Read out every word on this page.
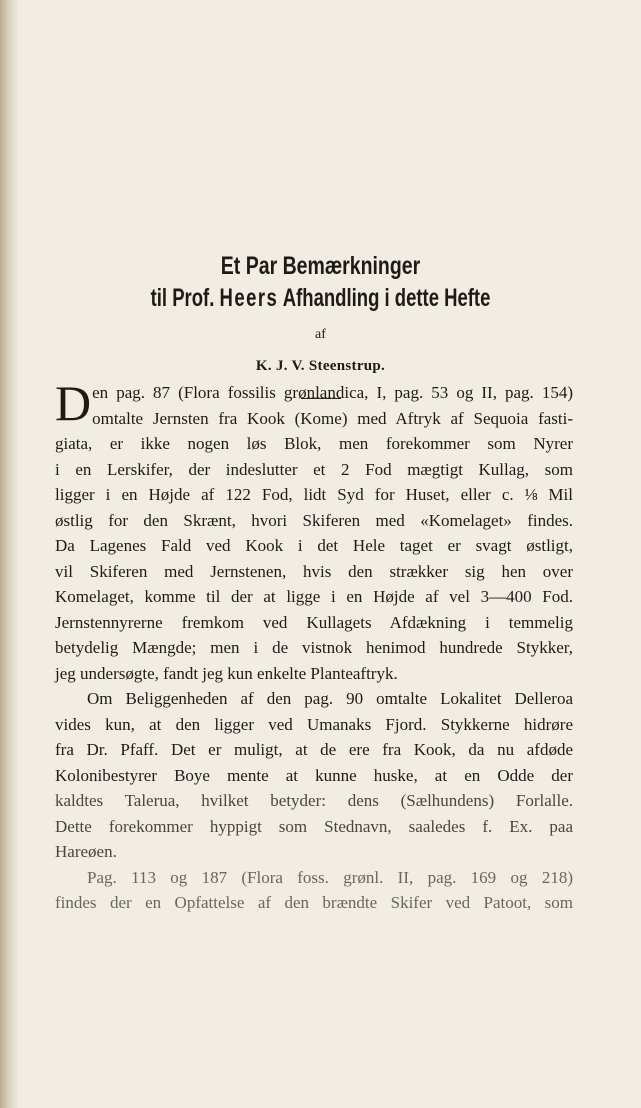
Et Par Bemærkninger
til Prof. Heers Afhandling i dette Hefte
af
K. J. V. Steenstrup.
D en pag. 87 (Flora fossilis grønlandica, I, pag. 53 og II, pag. 154)
omtalte Jernsten fra Kook (Kome) med Aftryk af Sequoia fasti-
giata, er ikke nogen løs Blok, men forekommer som Nyrer
i en Lerskifer, der indeslutter et 2 Fod mægtigt Kullag, som
ligger i en Højde af 122 Fod, lidt Syd for Huset, eller c. ⅛ Mil
østlig for den Skrænt, hvori Skiferen med «Komelaget» findes.
Da Lagenes Fald ved Kook i det Hele taget er svagt østligt,
vil Skiferen med Jernstenen, hvis den strækker sig hen over
Komelaget, komme til der at ligge i en Højde af vel 3—400 Fod.
Jernstennyrerne fremkom ved Kullagets Afdækning i temmelig
betydelig Mængde; men i de vistnok henimod hundrede Stykker,
jeg undersøgte, fandt jeg kun enkelte Planteaftryk.
Om Beliggenheden af den pag. 90 omtalte Lokalitet Delleroa
vides kun, at den ligger ved Umanaks Fjord. Stykkerne hidrøre
fra Dr. Pfaff. Det er muligt, at de ere fra Kook, da nu afdøde
Kolonibestyrer Boye mente at kunne huske, at en Odde der
kaldtes Talerua, hvilket betyder: dens (Sælhundens) Forlalle.
Dette forekommer hyppigt som Stednavn, saaledes f. Ex. paa
Hareøen.
Pag. 113 og 187 (Flora foss. grønl. II, pag. 169 og 218)
findes der en Opfattelse af den brændte Skifer ved Patoot, som
